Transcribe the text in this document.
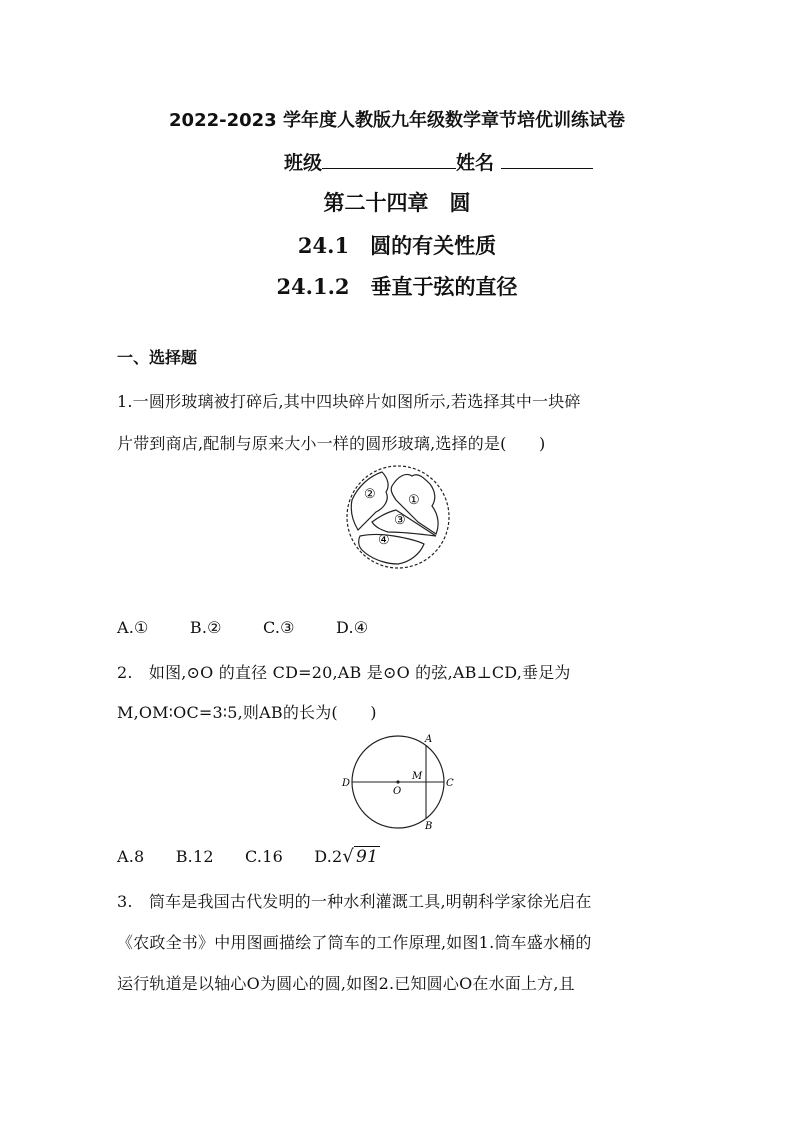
2022-2023 学年度人教版九年级数学章节培优训练试卷
班级	姓名
第二十四章　圆
24.1　圆的有关性质
24.1.2　垂直于弦的直径
一、选择题
1.一圆形玻璃被打碎后,其中四块碎片如图所示,若选择其中一块碎
片带到商店,配制与原来大小一样的圆形玻璃,选择的是(　　)
② ①
③
④
A.①	B.②	C.③	D.④
2.　如图,⊙O 的直径 CD=20,AB 是⊙O 的弦,AB⊥CD,垂足为
M,OM∶OC=3∶5,则AB的长为(　　)
A
B
D	C
M
O
A.8 B.12 C.16 D.2√ 91
3.　筒车是我国古代发明的一种水利灌溉工具,明朝科学家徐光启在
《农政全书》中用图画描绘了筒车的工作原理,如图1.筒车盛水桶的
运行轨道是以轴心O为圆心的圆,如图2.已知圆心O在水面上方,且
